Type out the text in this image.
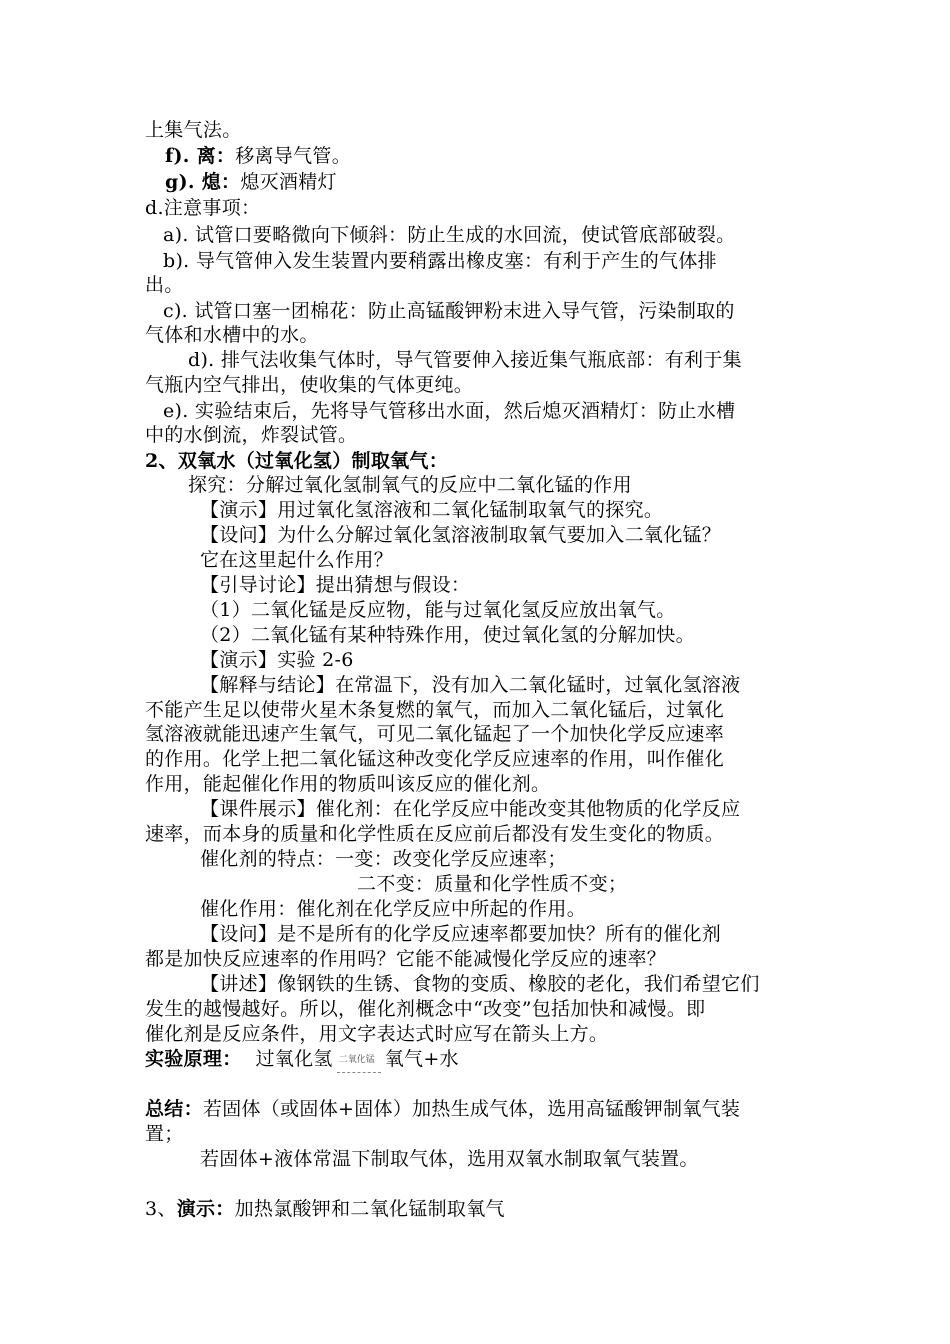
上集气法。
f). 离：移离导气管。
g). 熄：熄灭酒精灯
d.注意事项：
a). 试管口要略微向下倾斜：防止生成的水回流，使试管底部破裂。
b). 导气管伸入发生装置内要稍露出橡皮塞：有利于产生的气体排
出。
c). 试管口塞一团棉花：防止高锰酸钾粉末进入导气管，污染制取的
气体和水槽中的水。
d). 排气法收集气体时，导气管要伸入接近集气瓶底部：有利于集
气瓶内空气排出，使收集的气体更纯。
e). 实验结束后，先将导气管移出水面，然后熄灭酒精灯：防止水槽
中的水倒流，炸裂试管。
2、双氧水（过氧化氢）制取氧气：
探究：分解过氧化氢制氧气的反应中二氧化锰的作用
【演示】用过氧化氢溶液和二氧化锰制取氧气的探究。
【设问】为什么分解过氧化氢溶液制取氧气要加入二氧化锰？
它在这里起什么作用？
【引导讨论】提出猜想与假设：
（1）二氧化锰是反应物，能与过氧化氢反应放出氧气。
（2）二氧化锰有某种特殊作用，使过氧化氢的分解加快。
【演示】实验 2-6
【解释与结论】在常温下，没有加入二氧化锰时，过氧化氢溶液
不能产生足以使带火星木条复燃的氧气，而加入二氧化锰后，过氧化
氢溶液就能迅速产生氧气，可见二氧化锰起了一个加快化学反应速率
的作用。化学上把二氧化锰这种改变化学反应速率的作用，叫作催化
作用，能起催化作用的物质叫该反应的催化剂。
【课件展示】催化剂：在化学反应中能改变其他物质的化学反应
速率，而本身的质量和化学性质在反应前后都没有发生变化的物质。
催化剂的特点：一变：改变化学反应速率；
二不变：质量和化学性质不变；
催化作用：催化剂在化学反应中所起的作用。
【设问】是不是所有的化学反应速率都要加快？所有的催化剂
都是加快反应速率的作用吗？它能不能减慢化学反应的速率？
【讲述】像钢铁的生锈、食物的变质、橡胶的老化，我们希望它们
发生的越慢越好。所以，催化剂概念中“改变”包括加快和减慢。即
催化剂是反应条件，用文字表达式时应写在箭头上方。
实验原理： 过氧化氢 二氧化锰 氧气+水
总结：若固体（或固体+固体）加热生成气体，选用高锰酸钾制氧气装
置；
若固体+液体常温下制取气体，选用双氧水制取氧气装置。
3、演示：加热氯酸钾和二氧化锰制取氧气
